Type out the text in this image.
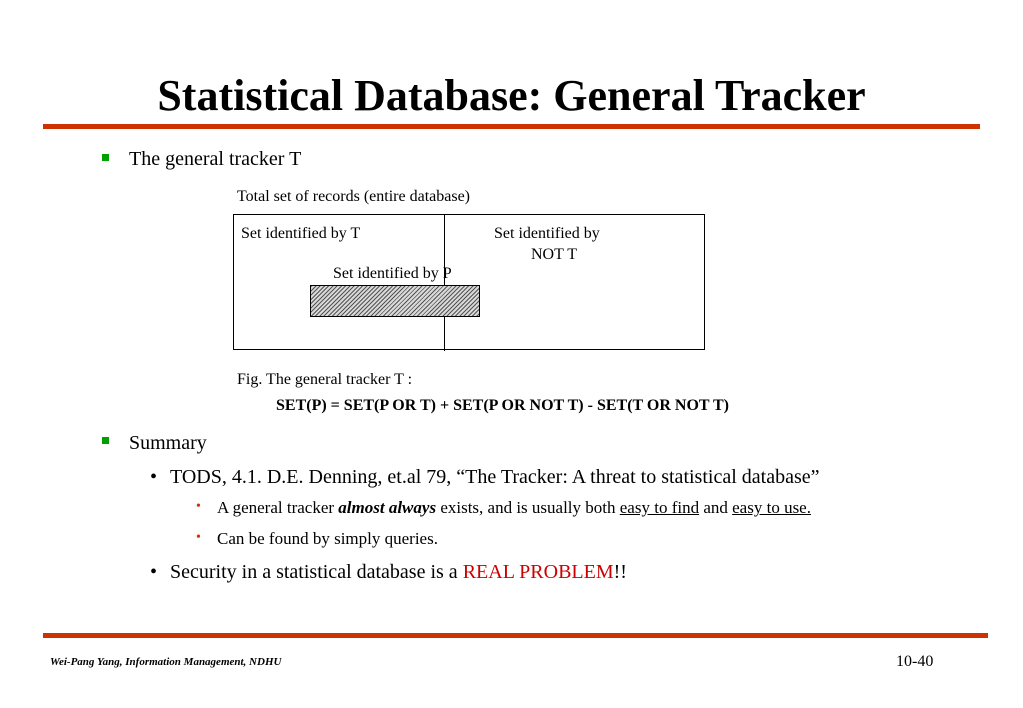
Statistical Database: General Tracker
The general tracker T
Total set of records (entire database)
Set identified by T	Set identified by
NOT T
Set identified by P
Fig. The general tracker T :
SET(P) = SET(P OR T) + SET(P OR NOT T) - SET(T OR NOT T)
Summary
• TODS, 4.1. D.E. Denning, et.al 79, “The Tracker: A threat to statistical database”
• A general tracker almost always exists, and is usually both easy to find and easy to use.
• Can be found by simply queries.
• Security in a statistical database is a REAL PROBLEM!!
Wei-Pang Yang, Information Management, NDHU	10-40
